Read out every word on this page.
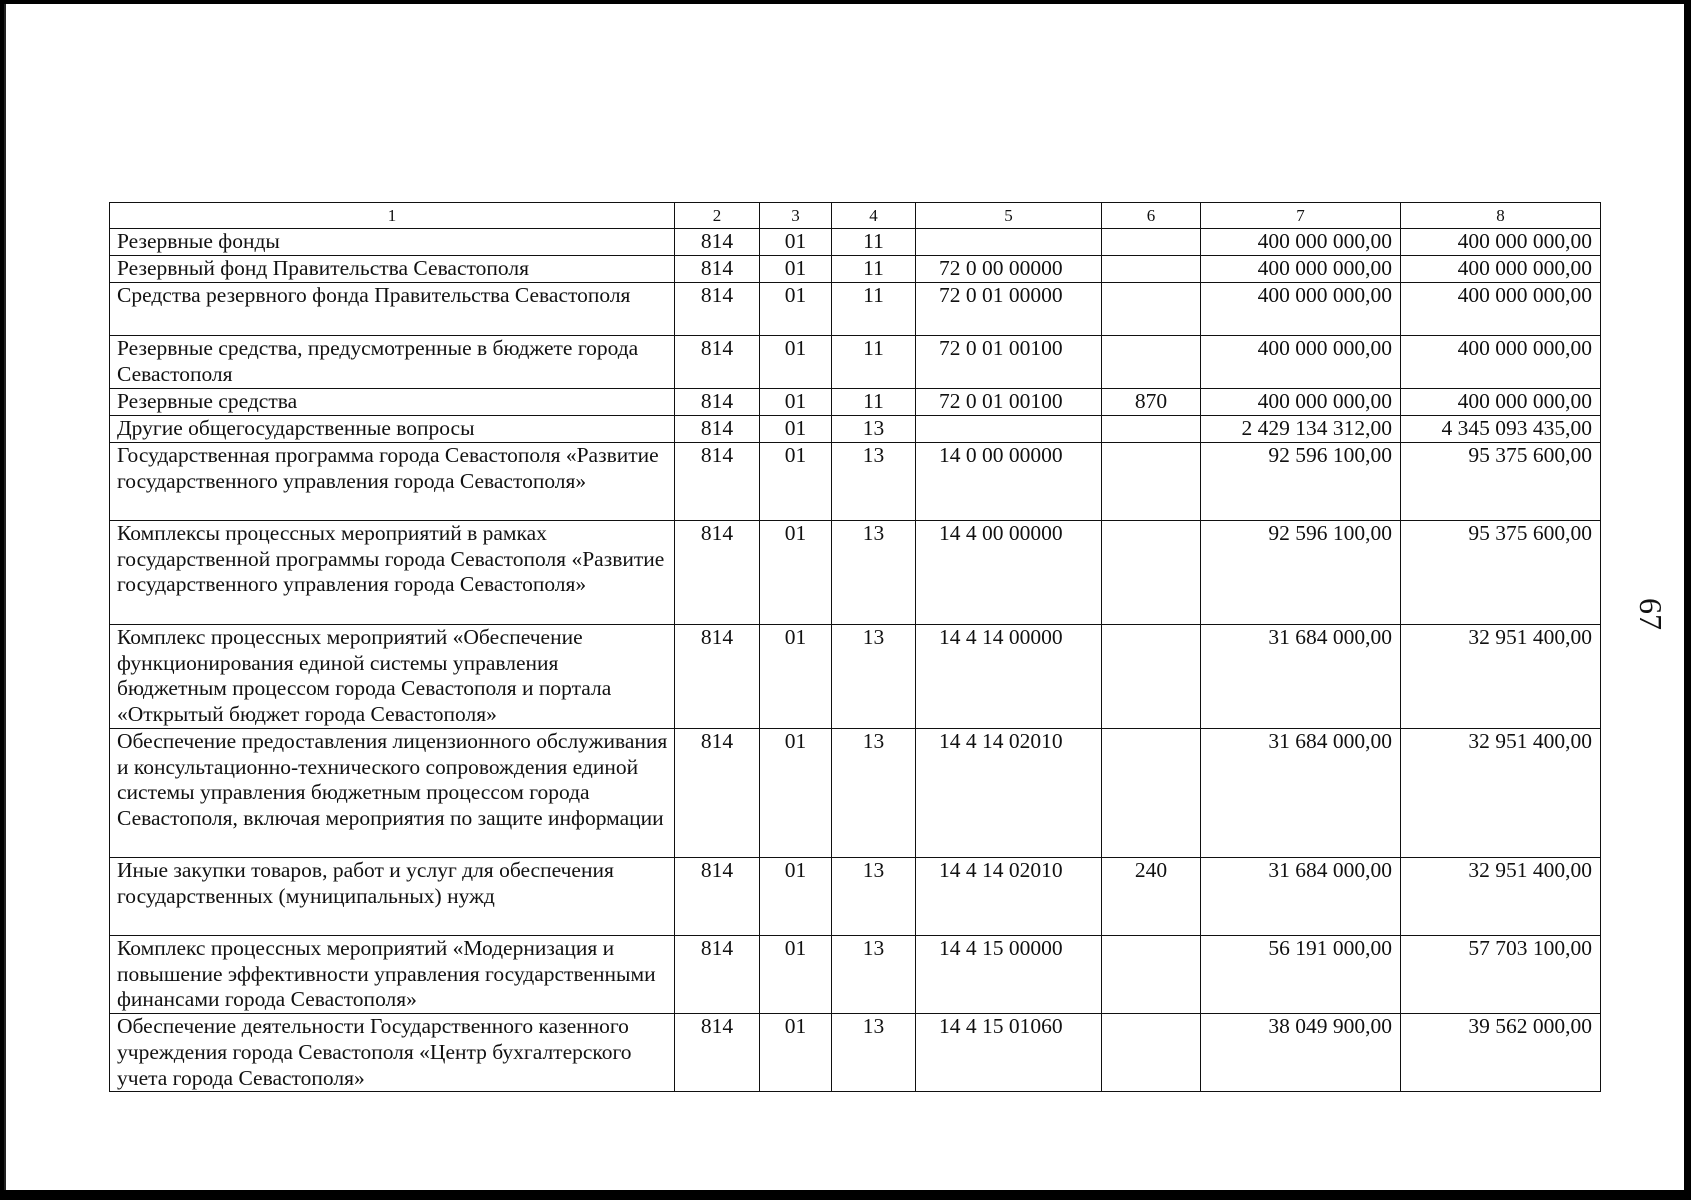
1	2	3	4	5	6	7	8
Резервные фонды	814	01	11			400 000 000,00	400 000 000,00
Резервный фонд Правительства Севастополя	814	01	11	72 0 00 00000		400 000 000,00	400 000 000,00
Средства резервного фонда Правительства Севастополя	814	01	11	72 0 01 00000		400 000 000,00	400 000 000,00
Резервные средства, предусмотренные в бюджете города Севастополя	814	01	11	72 0 01 00100		400 000 000,00	400 000 000,00
Резервные средства	814	01	11	72 0 01 00100	870	400 000 000,00	400 000 000,00
Другие общегосударственные вопросы	814	01	13			2 429 134 312,00	4 345 093 435,00
Государственная программа города Севастополя «Развитие государственного управления города Севастополя»	814	01	13	14 0 00 00000		92 596 100,00	95 375 600,00
Комплексы процессных мероприятий в рамках государственной программы города Севастополя «Развитие государственного управления города Севастополя»	814	01	13	14 4 00 00000		92 596 100,00	95 375 600,00
Комплекс процессных мероприятий «Обеспечение функционирования единой системы управления бюджетным процессом города Севастополя и портала «Открытый бюджет города Севастополя»	814	01	13	14 4 14 00000		31 684 000,00	32 951 400,00
Обеспечение предоставления лицензионного обслуживания и консультационно-технического сопровождения единой системы управления бюджетным процессом города Севастополя, включая мероприятия по защите информации	814	01	13	14 4 14 02010		31 684 000,00	32 951 400,00
Иные закупки товаров, работ и услуг для обеспечения государственных (муниципальных) нужд	814	01	13	14 4 14 02010	240	31 684 000,00	32 951 400,00
Комплекс процессных мероприятий «Модернизация и повышение эффективности управления государственными финансами города Севастополя»	814	01	13	14 4 15 00000		56 191 000,00	57 703 100,00
Обеспечение деятельности Государственного казенного учреждения города Севастополя «Центр бухгалтерского учета города Севастополя»	814	01	13	14 4 15 01060		38 049 900,00	39 562 000,00
67
